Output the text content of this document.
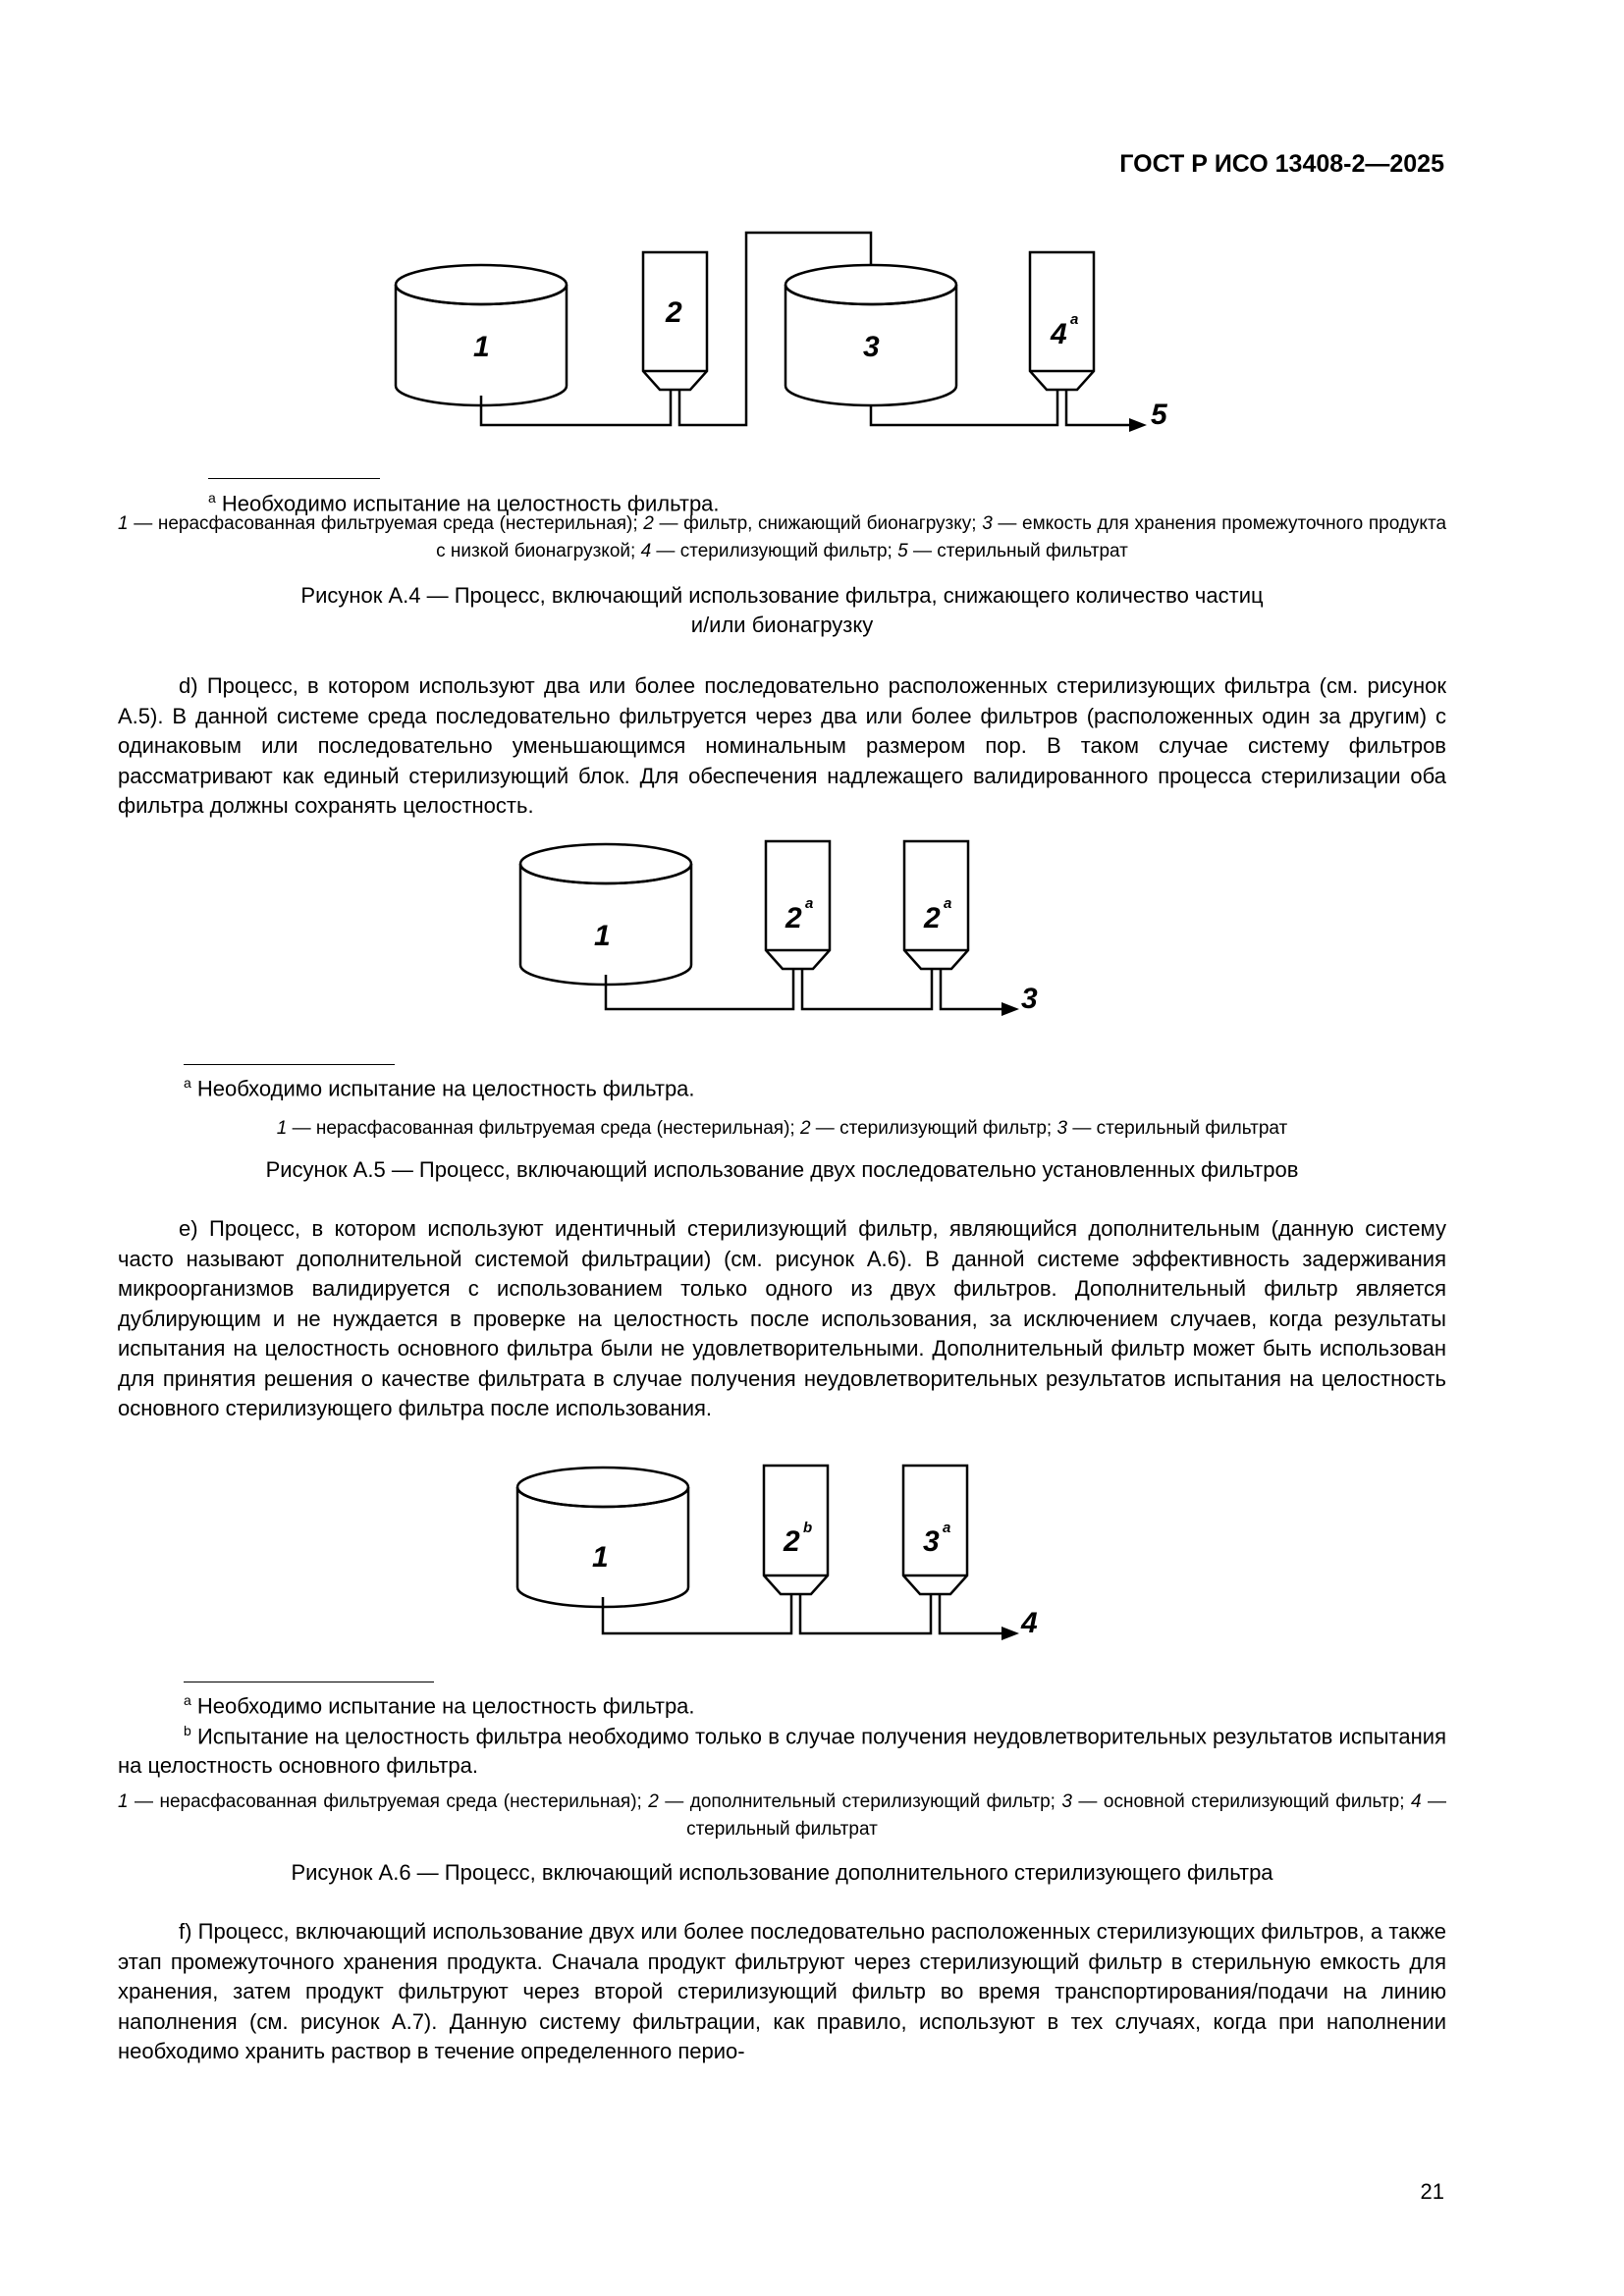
ГОСТ Р ИСО 13408-2—2025
1
2
3	4 a
5
$^a$ Необходимо испытание на целостность фильтра.
1 — нерасфасованная фильтруемая среда (нестерильная); 2 — фильтр, снижающий бионагрузку; 3 — емкость для хранения промежуточного продукта с низкой бионагрузкой; 4 — стерилизующий фильтр; 5 — стерильный фильтрат
Рисунок А.4 — Процесс, включающий использование фильтра, снижающего количество частиц
и/или бионагрузку
d) Процесс, в котором используют два или более последовательно расположенных стерилизующих фильтра (см. рисунок А.5). В данной системе среда последовательно фильтруется через два или более фильтров (расположенных один за другим) с одинаковым или последовательно уменьшающимся номинальным размером пор. В таком случае систему фильтров рассматривают как единый стерилизующий блок. Для обеспечения надлежащего валидированного процесса стерилизации оба фильтра должны сохранять целостность.
1
2 a	2 a
3
$^a$ Необходимо испытание на целостность фильтра.
1 — нерасфасованная фильтруемая среда (нестерильная); 2 — стерилизующий фильтр; 3 — стерильный фильтрат
Рисунок А.5 — Процесс, включающий использование двух последовательно установленных фильтров
e) Процесс, в котором используют идентичный стерилизующий фильтр, являющийся дополнительным (данную систему часто называют дополнительной системой фильтрации) (см. рисунок А.6). В данной системе эффективность задерживания микроорганизмов валидируется с использованием только одного из двух фильтров. Дополнительный фильтр является дублирующим и не нуждается в проверке на целостность после использования, за исключением случаев, когда результаты испытания на целостность основного фильтра были не удовлетворительными. Дополнительный фильтр может быть использован для принятия решения о качестве фильтрата в случае получения неудовлетворительных результатов испытания на целостность основного стерилизующего фильтра после использования.
1	2 b	3 a
4
$^a$ Необходимо испытание на целостность фильтра.
$^b$ Испытание на целостность фильтра необходимо только в случае получения неудовлетворительных результатов испытания на целостность основного фильтра.
1 — нерасфасованная фильтруемая среда (нестерильная); 2 — дополнительный стерилизующий фильтр; 3 — основной стерилизующий фильтр; 4 — стерильный фильтрат
Рисунок А.6 — Процесс, включающий использование дополнительного стерилизующего фильтра
f) Процесс, включающий использование двух или более последовательно расположенных стерилизующих фильтров, а также этап промежуточного хранения продукта. Сначала продукт фильтруют через стерилизующий фильтр в стерильную емкость для хранения, затем продукт фильтруют через второй стерилизующий фильтр во время транспортирования/подачи на линию наполнения (см. рисунок А.7). Данную систему фильтрации, как правило, используют в тех случаях, когда при наполнении необходимо хранить раствор в течение определенного перио-
21
